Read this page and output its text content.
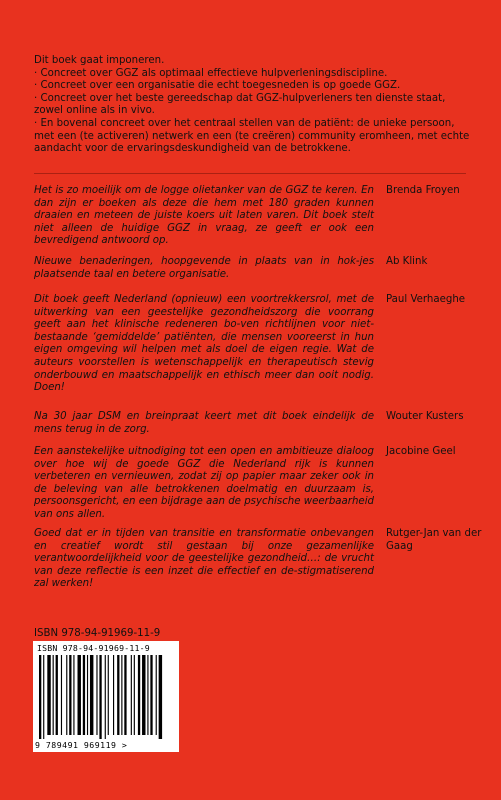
Dit boek gaat imponeren.

· Concreet over GGZ als optimaal effectieve hulpverleningsdiscipline.

· Concreet over een organisatie die echt toegesneden is op goede GGZ.

· Concreet over het beste gereedschap dat GGZ-hulpverleners ten dienste staat, zowel online als in vivo.

· En bovenal concreet over het centraal stellen van de patiënt: de unieke persoon, met een (te activeren) netwerk en een (te creëren) community eromheen, met echte aandacht voor de ervaringsdeskundigheid van de betrokkene.

Het is zo moeilijk om de logge olietanker van de GGZ te keren. En dan zijn er boeken als deze die hem met 180 graden kunnen draaien en meteen de juiste koers uit laten varen. Dit boek stelt niet alleen de huidige GGZ in vraag, ze geeft er ook een bevredigend antwoord op.
Brenda Froyen
Nieuwe benaderingen, hoopgevende in plaats van in hok-jes plaatsende taal en betere organisatie.
Ab Klink
Dit boek geeft Nederland (opnieuw) een voortrekkersrol, met de uitwerking van een geestelijke gezondheidszorg die voorrang geeft aan het klinische redeneren bo-ven richtlijnen voor niet-bestaande ‘gemiddelde’ patiënten, die mensen vooreerst in hun eigen omgeving wil helpen met als doel de eigen regie. Wat de auteurs voorstellen is wetenschappelijk en therapeutisch stevig onderbouwd en maatschappelijk en ethisch meer dan ooit nodig. Doen!
Paul Verhaeghe
Na 30 jaar DSM en breinpraat keert met dit boek eindelijk de mens terug in de zorg.
Wouter Kusters
Een aanstekelijke uitnodiging tot een open en ambitieuze dialoog over hoe wij de goede GGZ die Nederland rijk is kunnen verbeteren en vernieuwen, zodat zij op papier maar zeker ook in de beleving van alle betrokkenen doelmatig en duurzaam is, persoonsgericht, en een bijdrage aan de psychische weerbaarheid van ons allen.
Jacobine Geel
Goed dat er in tijden van transitie en transformatie onbevangen en creatief wordt stil gestaan bij onze gezamenlijke verantwoordelijkheid voor de geestelijke gezondheid…: de vrucht van deze reflectie is een inzet die effectief en de-stigmatiserend zal werken!
Rutger-Jan van der Gaag
ISBN 978-94-91969-11-9
ISBN 978-94-91969-11-9
9 789491 969119 >
